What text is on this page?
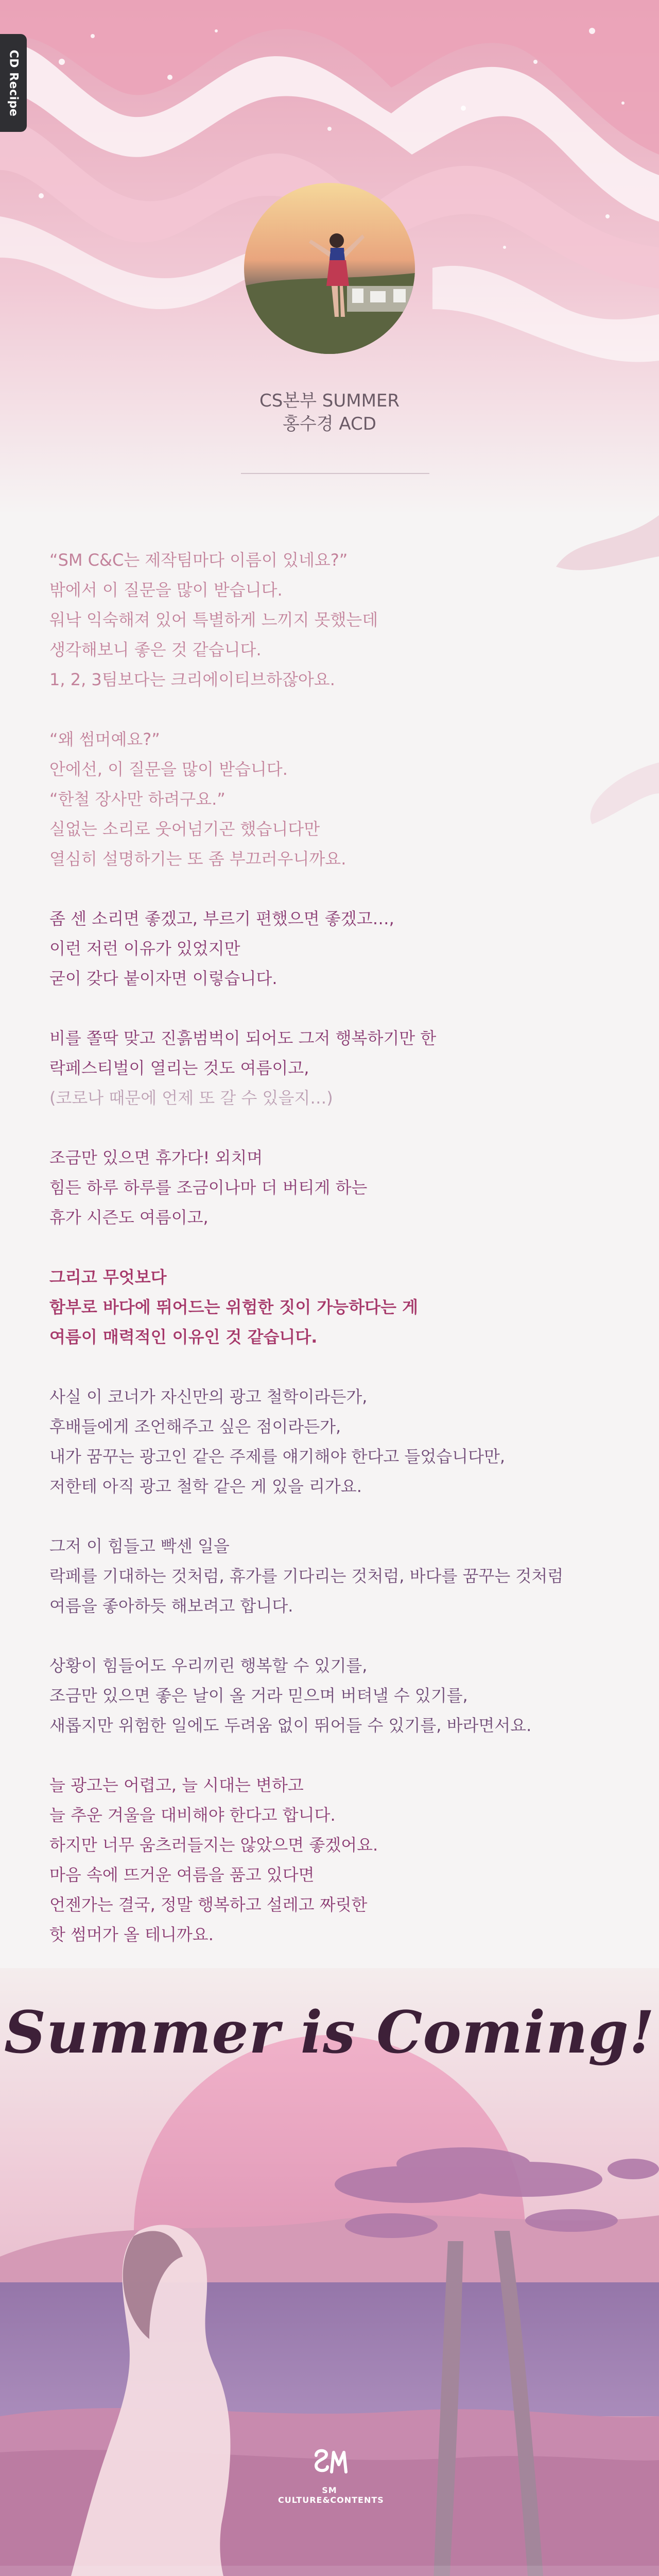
CD Recipe
CS본부 SUMMER
홍수경 ACD

“SM C&C는 제작팀마다 이름이 있네요?”
밖에서 이 질문을 많이 받습니다.
워낙 익숙해져 있어 특별하게 느끼지 못했는데
생각해보니 좋은 것 같습니다.
1, 2, 3팀보다는 크리에이티브하잖아요.

“왜 썸머예요?”
안에선, 이 질문을 많이 받습니다.
“한철 장사만 하려구요.”
실없는 소리로 웃어넘기곤 했습니다만
열심히 설명하기는 또 좀 부끄러우니까요.

좀 센 소리면 좋겠고, 부르기 편했으면 좋겠고…,
이런 저런 이유가 있었지만
굳이 갖다 붙이자면 이렇습니다.

비를 쫄딱 맞고 진흙범벅이 되어도 그저 행복하기만 한
락페스티벌이 열리는 것도 여름이고,
(코로나 때문에 언제 또 갈 수 있을지…)

조금만 있으면 휴가다! 외치며
힘든 하루 하루를 조금이나마 더 버티게 하는
휴가 시즌도 여름이고,

그리고 무엇보다
함부로 바다에 뛰어드는 위험한 짓이 가능하다는 게
여름이 매력적인 이유인 것 같습니다.

사실 이 코너가 자신만의 광고 철학이라든가,
후배들에게 조언해주고 싶은 점이라든가,
내가 꿈꾸는 광고인 같은 주제를 얘기해야 한다고 들었습니다만,
저한테 아직 광고 철학 같은 게 있을 리가요.

그저 이 힘들고 빡센 일을
락페를 기대하는 것처럼, 휴가를 기다리는 것처럼, 바다를 꿈꾸는 것처럼
여름을 좋아하듯 해보려고 합니다.

상황이 힘들어도 우리끼린 행복할 수 있기를,
조금만 있으면 좋은 날이 올 거라 믿으며 버텨낼 수 있기를,
새롭지만 위험한 일에도 두려움 없이 뛰어들 수 있기를, 바라면서요.

늘 광고는 어렵고, 늘 시대는 변하고
늘 추운 겨울을 대비해야 한다고 합니다.
하지만 너무 움츠러들지는 않았으면 좋겠어요.
마음 속에 뜨거운 여름을 품고 있다면
언젠가는 결국, 정말 행복하고 설레고 짜릿한
핫 썸머가 올 테니까요.

Summer is Coming!
SM
CULTURE&CONTENTS
